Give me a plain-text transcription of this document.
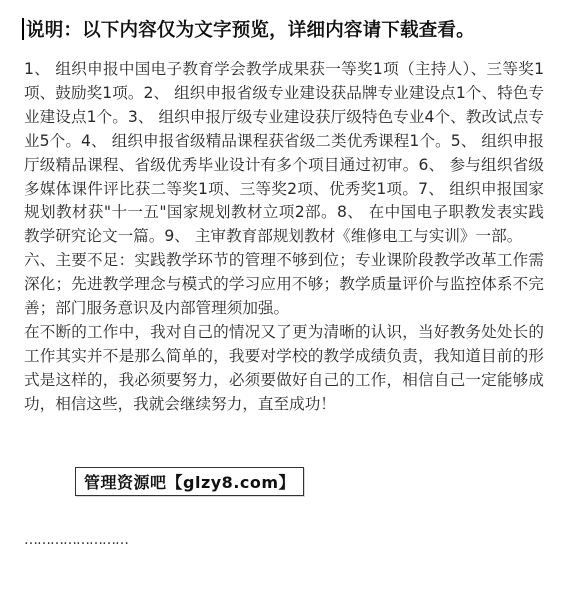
说明：以下内容仅为文字预览，详细内容请下载查看。

1、 组织申报中国电子教育学会教学成果获一等奖1项（主持人）、三等奖1项、鼓励奖1项。2、 组织申报省级专业建设获品牌专业建设点1个、特色专业建设点1个。3、 组织申报厅级专业建设获厅级特色专业4个、教改试点专业5个。4、 组织申报省级精品课程获省级二类优秀课程1个。5、 组织申报厅级精品课程、省级优秀毕业设计有多个项目通过初审。6、 参与组织省级多媒体课件评比获二等奖1项、三等奖2项、优秀奖1项。7、 组织申报国家规划教材获"十一五"国家规划教材立项2部。8、 在中国电子职教发表实践教学研究论文一篇。9、 主审教育部规划教材《维修电工与实训》一部。

六、主要不足：实践教学环节的管理不够到位；专业课阶段教学改革工作需深化；先进教学理念与模式的学习应用不够；教学质量评价与监控体系不完善；部门服务意识及内部管理须加强。

在不断的工作中，我对自己的情况又了更为清晰的认识，当好教务处处长的工作其实并不是那么简单的，我要对学校的教学成绩负责，我知道目前的形式是这样的，我必须要努力，必须要做好自己的工作，相信自己一定能够成功，相信这些，我就会继续努力，直至成功！

管理资源吧【glzy8.com】
……………………
